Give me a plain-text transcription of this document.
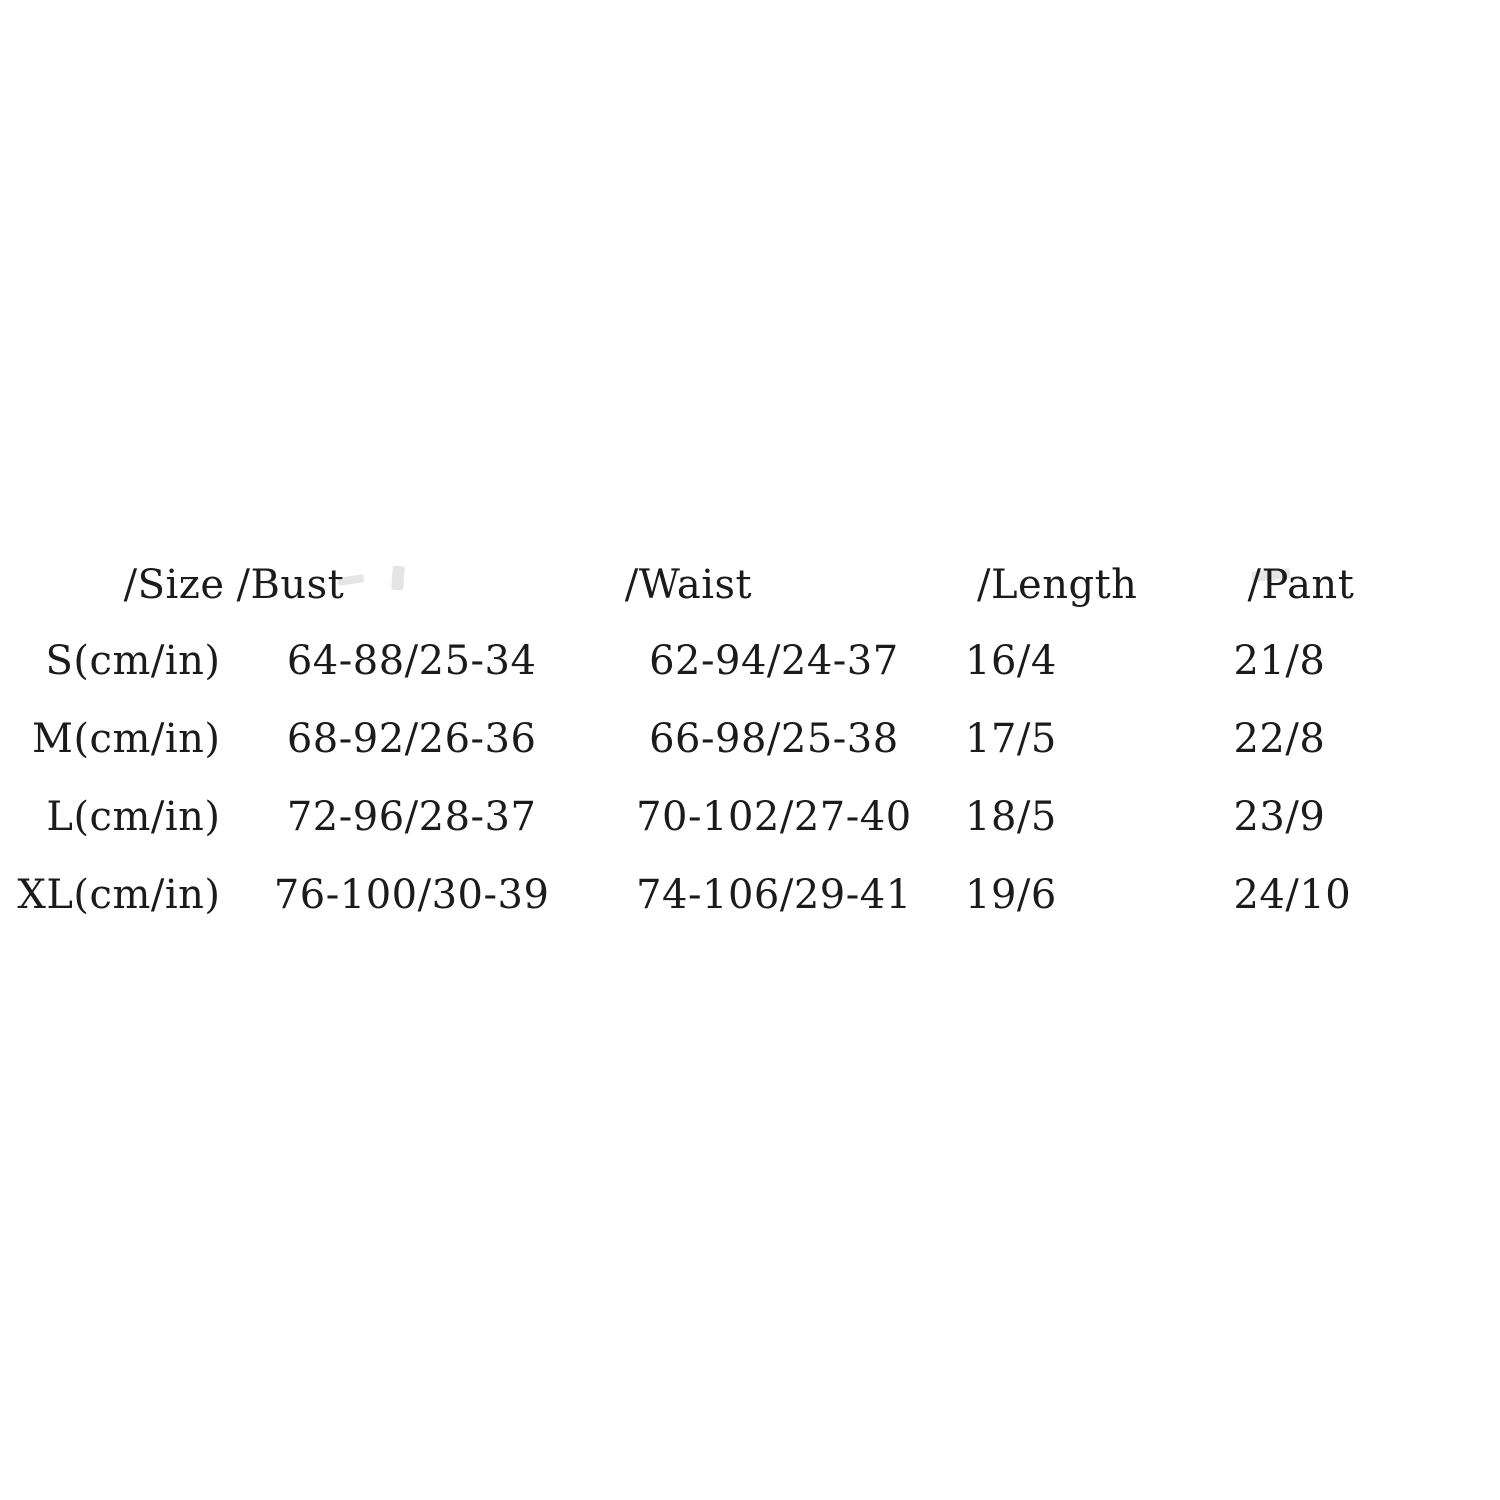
/Size	/Bust	/Waist	/Length	/Pant
S(cm/in)	64-88/25-34	62-94/24-37	16/4	21/8
M(cm/in)	68-92/26-36	66-98/25-38	17/5	22/8
L(cm/in)	72-96/28-37	70-102/27-40	18/5	23/9
XL(cm/in)	76-100/30-39	74-106/29-41	19/6	24/10
